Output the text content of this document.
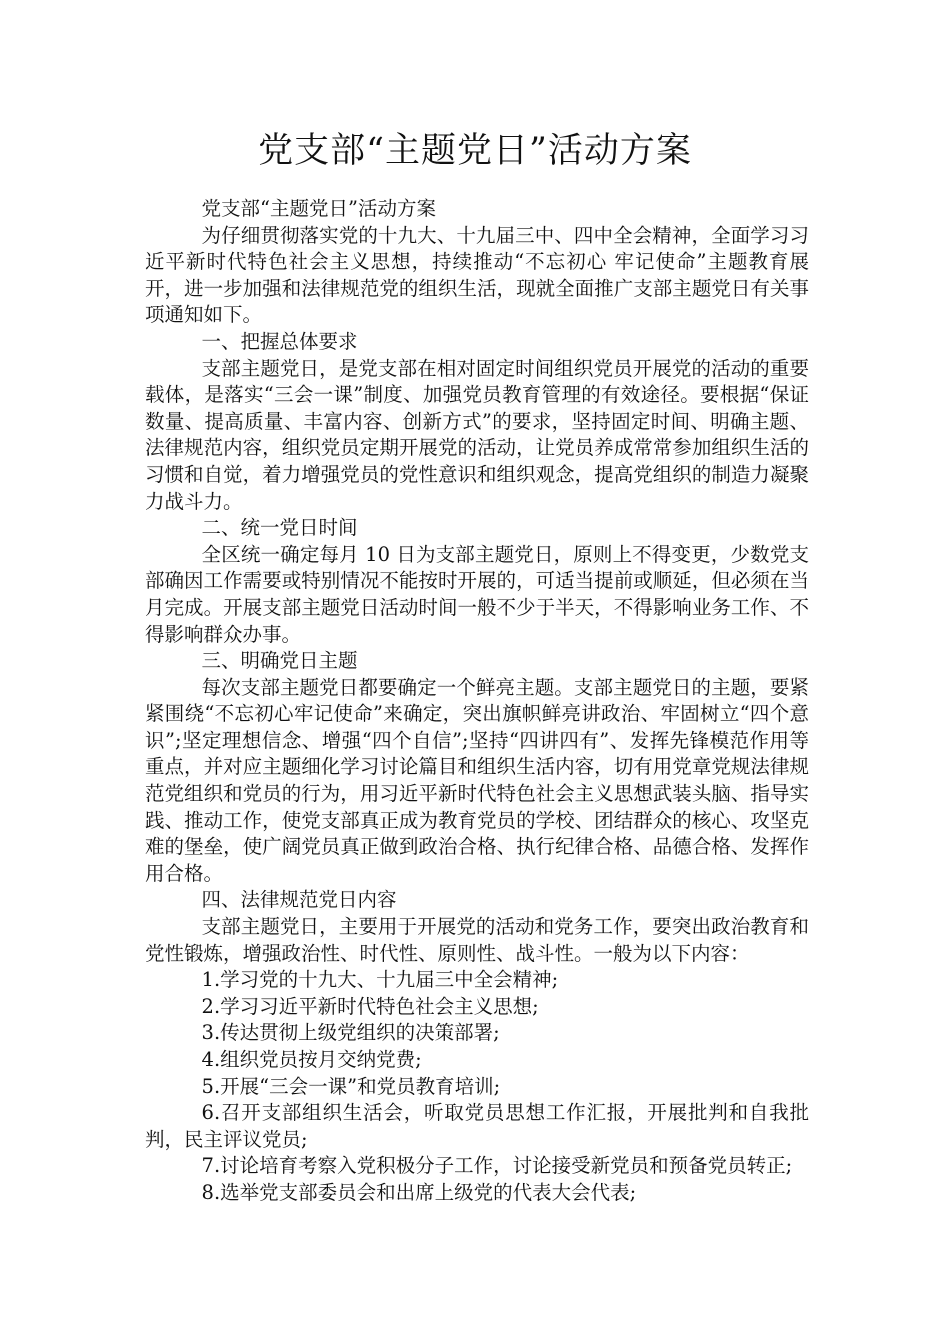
党支部“主题党日”活动方案

党支部“主题党日”活动方案

为仔细贯彻落实党的十九大、十九届三中、四中全会精神，全面学习习近平新时代特色社会主义思想，持续推动“不忘初心 牢记使命”主题教育展开，进一步加强和法律规范党的组织生活，现就全面推广支部主题党日有关事项通知如下。

一、把握总体要求

支部主题党日，是党支部在相对固定时间组织党员开展党的活动的重要载体，是落实“三会一课”制度、加强党员教育管理的有效途径。要根据“保证数量、提高质量、丰富内容、创新方式”的要求，坚持固定时间、明确主题、法律规范内容，组织党员定期开展党的活动，让党员养成常常参加组织生活的习惯和自觉，着力增强党员的党性意识和组织观念，提高党组织的制造力凝聚力战斗力。

二、统一党日时间

全区统一确定每月 10 日为支部主题党日，原则上不得变更，少数党支部确因工作需要或特别情况不能按时开展的，可适当提前或顺延，但必须在当月完成。开展支部主题党日活动时间一般不少于半天，不得影响业务工作、不得影响群众办事。

三、明确党日主题

每次支部主题党日都要确定一个鲜亮主题。支部主题党日的主题，要紧紧围绕“不忘初心牢记使命”来确定，突出旗帜鲜亮讲政治、牢固树立“四个意识”;坚定理想信念、增强“四个自信”;坚持“四讲四有”、发挥先锋模范作用等重点，并对应主题细化学习讨论篇目和组织生活内容，切有用党章党规法律规范党组织和党员的行为，用习近平新时代特色社会主义思想武装头脑、指导实践、推动工作，使党支部真正成为教育党员的学校、团结群众的核心、攻坚克难的堡垒，使广阔党员真正做到政治合格、执行纪律合格、品德合格、发挥作用合格。

四、法律规范党日内容

支部主题党日，主要用于开展党的活动和党务工作，要突出政治教育和党性锻炼，增强政治性、时代性、原则性、战斗性。一般为以下内容：

1.学习党的十九大、十九届三中全会精神;

2.学习习近平新时代特色社会主义思想;

3.传达贯彻上级党组织的决策部署;

4.组织党员按月交纳党费;

5.开展“三会一课”和党员教育培训;

6.召开支部组织生活会，听取党员思想工作汇报，开展批判和自我批判，民主评议党员;

7.讨论培育考察入党积极分子工作，讨论接受新党员和预备党员转正;

8.选举党支部委员会和出席上级党的代表大会代表;
